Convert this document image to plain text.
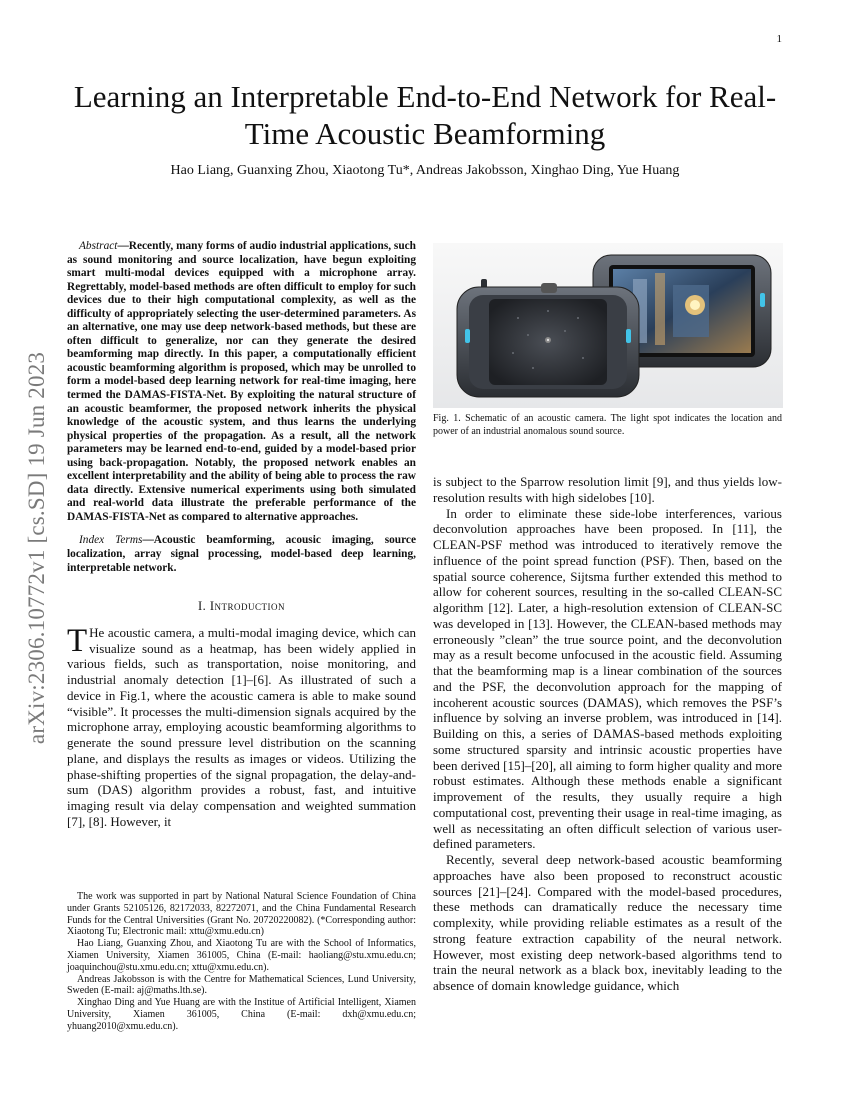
1
arXiv:2306.10772v1 [cs.SD] 19 Jun 2023
Learning an Interpretable End-to-End Network for Real-Time Acoustic Beamforming
Hao Liang, Guanxing Zhou, Xiaotong Tu*, Andreas Jakobsson, Xinghao Ding, Yue Huang

Abstract—Recently, many forms of audio industrial applications, such as sound monitoring and source localization, have begun exploiting smart multi-modal devices equipped with a microphone array. Regrettably, model-based methods are often difficult to employ for such devices due to their high computational complexity, as well as the difficulty of appropriately selecting the user-determined parameters. As an alternative, one may use deep network-based methods, but these are often difficult to generalize, nor can they generate the desired beamforming map directly. In this paper, a computationally efficient acoustic beamforming algorithm is proposed, which may be unrolled to form a model-based deep learning network for real-time imaging, here termed the DAMAS-FISTA-Net. By exploiting the natural structure of an acoustic beamformer, the proposed network inherits the physical knowledge of the acoustic system, and thus learns the underlying physical properties of the propagation. As a result, all the network parameters may be learned end-to-end, guided by a model-based prior using back-propagation. Notably, the proposed network enables an excellent interpretability and the ability of being able to process the raw data directly. Extensive numerical experiments using both simulated and real-world data illustrate the preferable performance of the DAMAS-FISTA-Net as compared to alternative approaches.

Index Terms—Acoustic beamforming, acousic imaging, source localization, array signal processing, model-based deep learning, interpretable network.

I. Introduction

T He acoustic camera, a multi-modal imaging device, which can visualize sound as a heatmap, has been widely applied in various fields, such as transportation, noise monitoring, and industrial anomaly detection [1]–[6]. As illustrated of such a device in Fig.1, where the acoustic camera is able to make sound “visible”. It processes the multi-dimension signals acquired by the microphone array, employing acoustic beamforming algorithms to generate the sound pressure level distribution on the scanning plane, and displays the results as images or videos. Utilizing the phase-shifting properties of the signal propagation, the delay-and-sum (DAS) algorithm provides a robust, fast, and intuitive imaging result via delay compensation and weighted summation [7], [8]. However, it

The work was supported in part by National Natural Science Foundation of China under Grants 52105126, 82172033, 82272071, and the China Fundamental Research Funds for the Central Universities (Grant No. 20720220082). (*Corresponding author: Xiaotong Tu; Electronic mail: xttu@xmu.edu.cn)

Hao Liang, Guanxing Zhou, and Xiaotong Tu are with the School of Informatics, Xiamen University, Xiamen 361005, China (E-mail: haoliang@stu.xmu.edu.cn; joaquinchou@stu.xmu.edu.cn; xttu@xmu.edu.cn).

Andreas Jakobsson is with the Centre for Mathematical Sciences, Lund University, Sweden (E-mail: aj@maths.lth.se).

Xinghao Ding and Yue Huang are with the Institue of Artificial Intelligent, Xiamen University, Xiamen 361005, China (E-mail: dxh@xmu.edu.cn; yhuang2010@xmu.edu.cn).

Fig. 1. Schematic of an acoustic camera. The light spot indicates the location and power of an industrial anomalous sound source.

is subject to the Sparrow resolution limit [9], and thus yields low-resolution results with high sidelobes [10].

In order to eliminate these side-lobe interferences, various deconvolution approaches have been proposed. In [11], the CLEAN-PSF method was introduced to iteratively remove the influence of the point spread function (PSF). Then, based on the spatial source coherence, Sijtsma further extended this method to allow for coherent sources, resulting in the so-called CLEAN-SC algorithm [12]. Later, a high-resolution extension of CLEAN-SC was developed in [13]. However, the CLEAN-based methods may erroneously ”clean” the true source point, and the deconvolution may as a result become unfocused in the acoustic field. Assuming that the beamforming map is a linear combination of the sources and the PSF, the deconvolution approach for the mapping of incoherent acoustic sources (DAMAS), which removes the PSF’s influence by solving an inverse problem, was introduced in [14]. Building on this, a series of DAMAS-based methods exploiting some structured sparsity and intrinsic acoustic properties have been derived [15]–[20], all aiming to form higher quality and more robust estimates. Although these methods enable a significant improvement of the results, they usually require a high computational cost, preventing their usage in real-time imaging, as well as necessitating an often difficult selection of various user-defined parameters.

Recently, several deep network-based acoustic beamforming approaches have also been proposed to reconstruct acoustic sources [21]–[24]. Compared with the model-based procedures, these methods can dramatically reduce the necessary time complexity, while providing reliable estimates as a result of the strong feature extraction capability of the neural network. However, most existing deep network-based algorithms tend to train the neural network as a black box, inevitably leading to the absence of domain knowledge guidance, which
